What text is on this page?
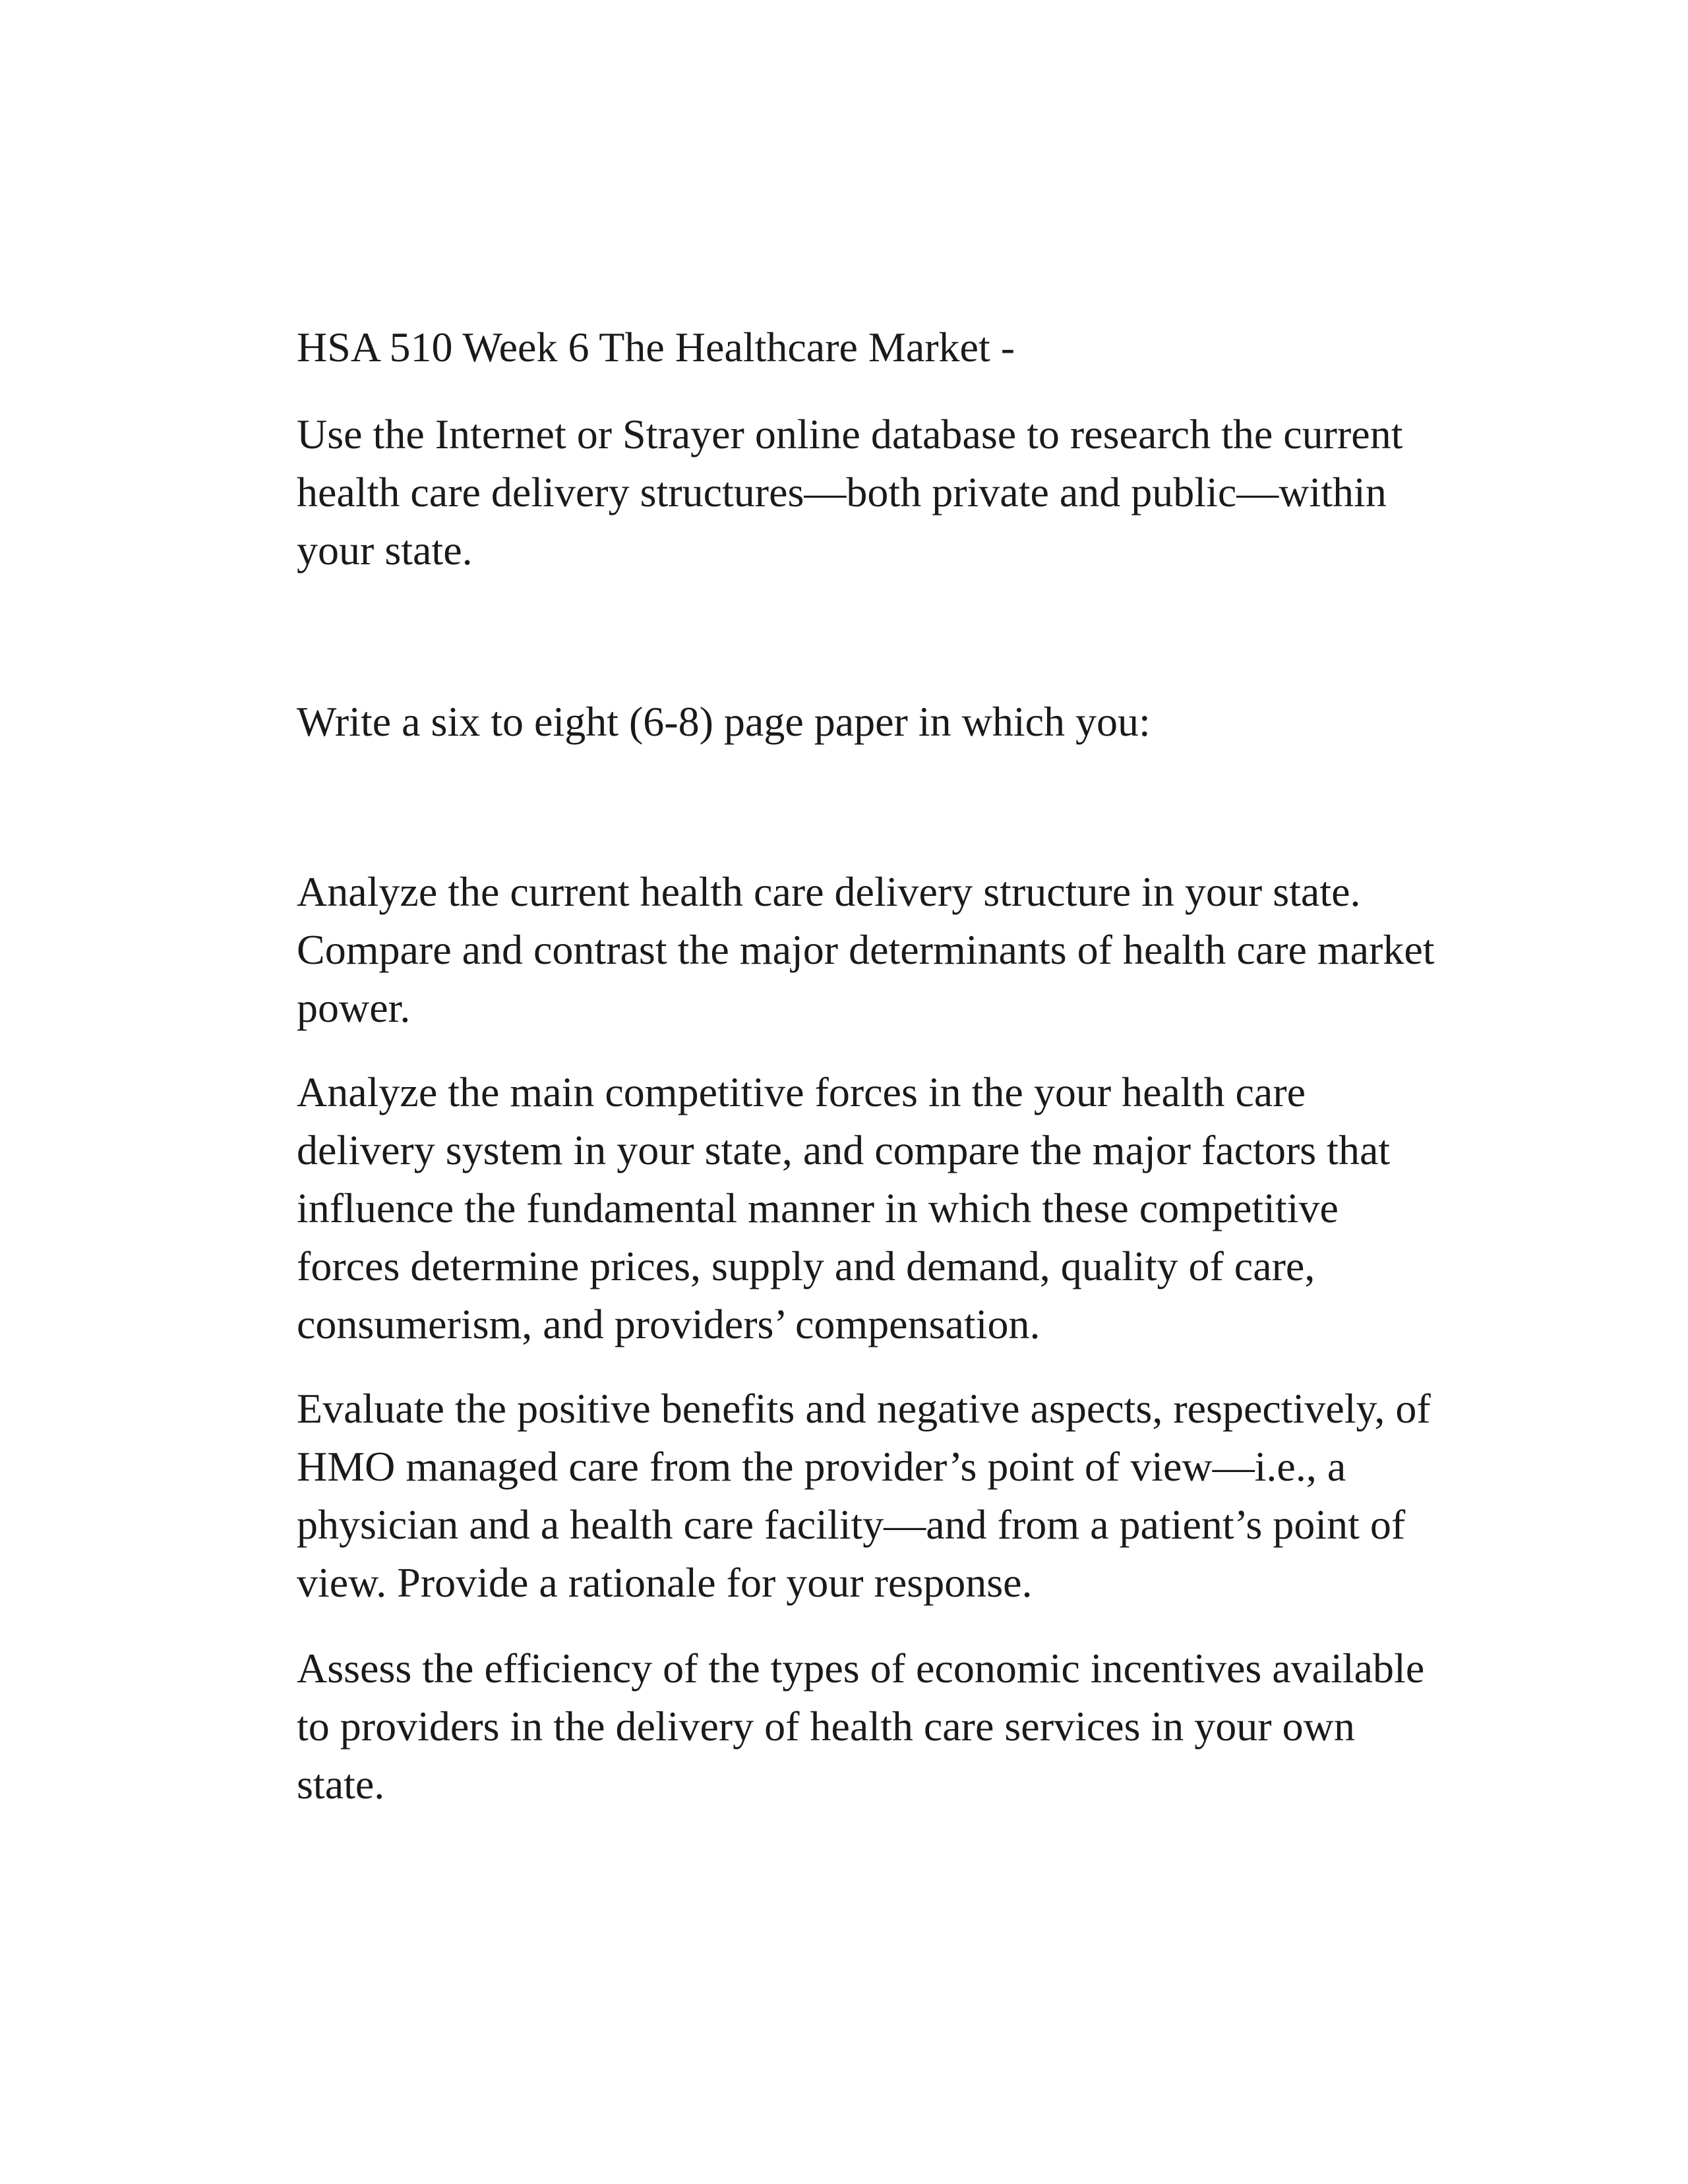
HSA 510 Week 6 The Healthcare Market -
Use the Internet or Strayer online database to research the current
health care delivery structures—both private and public—within
your state.
Write a six to eight (6-8) page paper in which you:
Analyze the current health care delivery structure in your state.
Compare and contrast the major determinants of health care market
power.
Analyze the main competitive forces in the your health care
delivery system in your state, and compare the major factors that
influence the fundamental manner in which these competitive
forces determine prices, supply and demand, quality of care,
consumerism, and providers’ compensation.
Evaluate the positive benefits and negative aspects, respectively, of
HMO managed care from the provider’s point of view—i.e., a
physician and a health care facility—and from a patient’s point of
view. Provide a rationale for your response.
Assess the efficiency of the types of economic incentives available
to providers in the delivery of health care services in your own
state.
